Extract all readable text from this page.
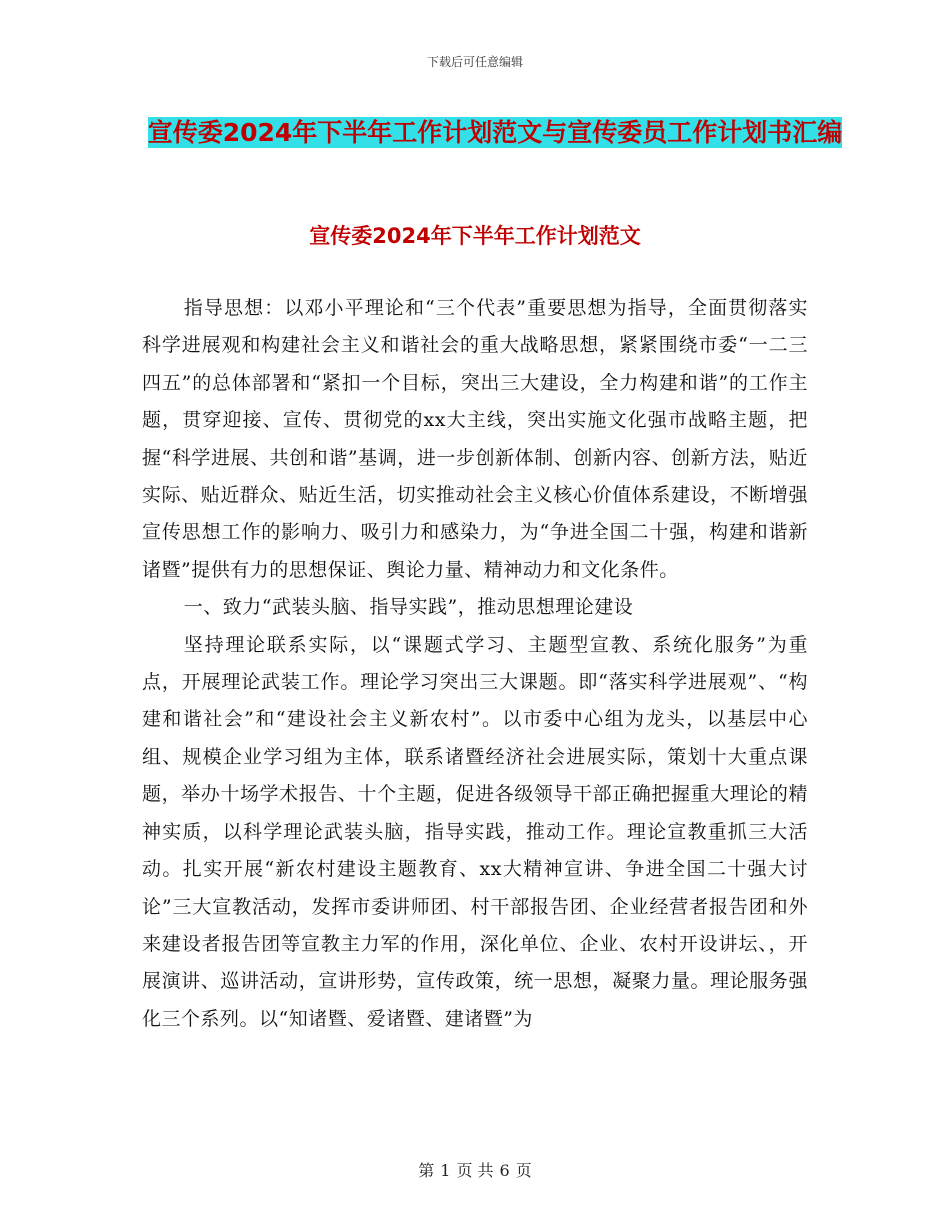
下载后可任意编辑
宣传委2024年下半年工作计划范文与宣传委员工作计划书汇编
宣传委2024年下半年工作计划范文

指导思想：以邓小平理论和“三个代表”重要思想为指导，全面贯彻落实科学进展观和构建社会主义和谐社会的重大战略思想，紧紧围绕市委“一二三四五”的总体部署和“紧扣一个目标，突出三大建设，全力构建和谐”的工作主题，贯穿迎接、宣传、贯彻党的xx大主线，突出实施文化强市战略主题，把握“科学进展、共创和谐”基调，进一步创新体制、创新内容、创新方法，贴近实际、贴近群众、贴近生活，切实推动社会主义核心价值体系建设，不断增强宣传思想工作的影响力、吸引力和感染力，为“争进全国二十强，构建和谐新诸暨”提供有力的思想保证、舆论力量、精神动力和文化条件。

一、致力“武装头脑、指导实践”，推动思想理论建设

坚持理论联系实际，以“课题式学习、主题型宣教、系统化服务”为重点，开展理论武装工作。理论学习突出三大课题。即“落实科学进展观”、“构建和谐社会”和“建设社会主义新农村”。以市委中心组为龙头，以基层中心组、规模企业学习组为主体，联系诸暨经济社会进展实际，策划十大重点课题，举办十场学术报告、十个主题，促进各级领导干部正确把握重大理论的精神实质，以科学理论武装头脑，指导实践，推动工作。理论宣教重抓三大活动。扎实开展“新农村建设主题教育、xx大精神宣讲、争进全国二十强大讨论”三大宣教活动，发挥市委讲师团、村干部报告团、企业经营者报告团和外来建设者报告团等宣教主力军的作用，深化单位、企业、农村开设讲坛、，开展演讲、巡讲活动，宣讲形势，宣传政策，统一思想，凝聚力量。理论服务强化三个系列。以“知诸暨、爱诸暨、建诸暨”为

第 1 页 共 6 页
